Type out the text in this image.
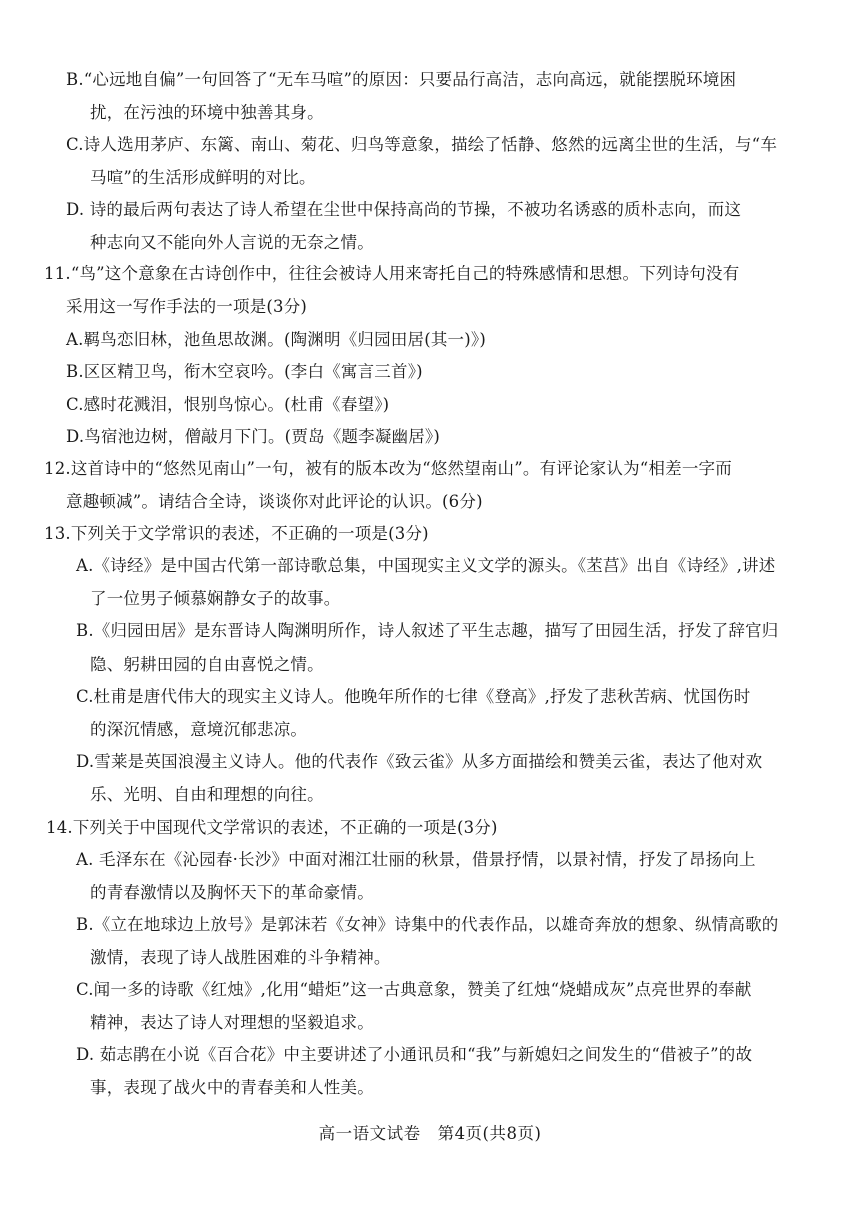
B.“心远地自偏”一句回答了“无车马喧”的原因：只要品行高洁，志向高远，就能摆脱环境困
扰，在污浊的环境中独善其身。
C.诗人选用茅庐、东篱、南山、菊花、归鸟等意象，描绘了恬静、悠然的远离尘世的生活，与“车
马喧”的生活形成鲜明的对比。
D. 诗的最后两句表达了诗人希望在尘世中保持高尚的节操，不被功名诱惑的质朴志向，而这
种志向又不能向外人言说的无奈之情。
11.“鸟”这个意象在古诗创作中，往往会被诗人用来寄托自己的特殊感情和思想。下列诗句没有
采用这一写作手法的一项是(3分)
A.羁鸟恋旧林，池鱼思故渊。(陶渊明《归园田居(其一)》)
B.区区精卫鸟，衔木空哀吟。(李白《寓言三首》)
C.感时花溅泪，恨别鸟惊心。(杜甫《春望》)
D.鸟宿池边树，僧敲月下门。(贾岛《题李凝幽居》)
12.这首诗中的“悠然见南山”一句，被有的版本改为“悠然望南山”。有评论家认为“相差一字而
意趣顿减”。请结合全诗，谈谈你对此评论的认识。(6分)
13.下列关于文学常识的表述，不正确的一项是(3分)
A.《诗经》是中国古代第一部诗歌总集，中国现实主义文学的源头。《苤莒》出自《诗经》,讲述
了一位男子倾慕娴静女子的故事。
B.《归园田居》是东晋诗人陶渊明所作，诗人叙述了平生志趣，描写了田园生活，抒发了辞官归
隐、躬耕田园的自由喜悦之情。
C.杜甫是唐代伟大的现实主义诗人。他晚年所作的七律《登高》,抒发了悲秋苦病、忧国伤时
的深沉情感，意境沉郁悲凉。
D.雪莱是英国浪漫主义诗人。他的代表作《致云雀》从多方面描绘和赞美云雀，表达了他对欢
乐、光明、自由和理想的向往。
14.下列关于中国现代文学常识的表述，不正确的一项是(3分)
A. 毛泽东在《沁园春·长沙》中面对湘江壮丽的秋景，借景抒情，以景衬情，抒发了昂扬向上
的青春激情以及胸怀天下的革命豪情。
B.《立在地球边上放号》是郭沫若《女神》诗集中的代表作品，以雄奇奔放的想象、纵情高歌的
激情，表现了诗人战胜困难的斗争精神。
C.闻一多的诗歌《红烛》,化用“蜡炬”这一古典意象，赞美了红烛“烧蜡成灰”点亮世界的奉献
精神，表达了诗人对理想的坚毅追求。
D. 茹志鹃在小说《百合花》中主要讲述了小通讯员和“我”与新媳妇之间发生的“借被子”的故
事，表现了战火中的青春美和人性美。
高一语文试卷　第4页(共8页)
